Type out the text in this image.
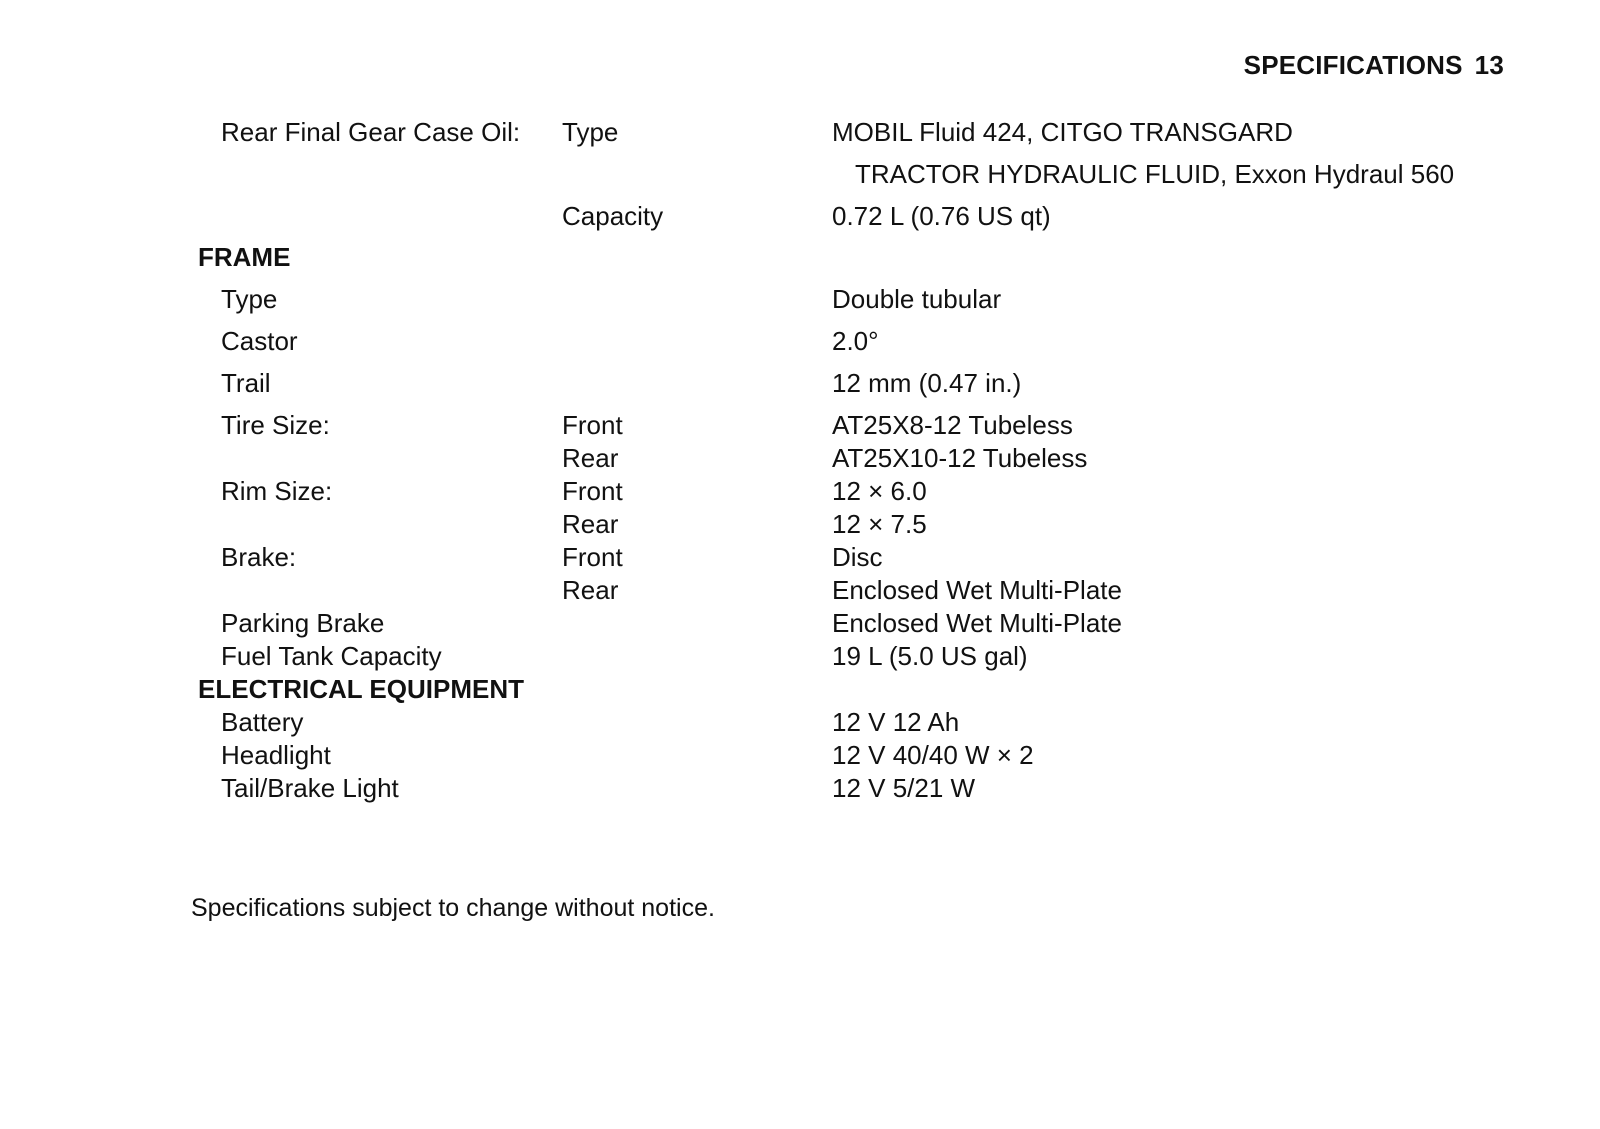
SPECIFICATIONS 13
Rear Final Gear Case Oil: Type	MOBIL Fluid 424, CITGO TRANSGARD
TRACTOR HYDRAULIC FLUID, Exxon Hydraul 560
Capacity	0.72 L (0.76 US qt)
FRAME
Type	Double tubular
Castor	2.0°
Trail	12 mm (0.47 in.)
Tire Size:	Front	AT25X8-12 Tubeless
Rear	AT25X10-12 Tubeless
Rim Size:	Front	12 × 6.0
Rear	12 × 7.5
Brake:	Front	Disc
Rear	Enclosed Wet Multi-Plate
Parking Brake	Enclosed Wet Multi-Plate
Fuel Tank Capacity	19 L (5.0 US gal)
ELECTRICAL EQUIPMENT
Battery	12 V 12 Ah
Headlight	12 V 40/40 W × 2
Tail/Brake Light	12 V 5/21 W
Specifications subject to change without notice.
